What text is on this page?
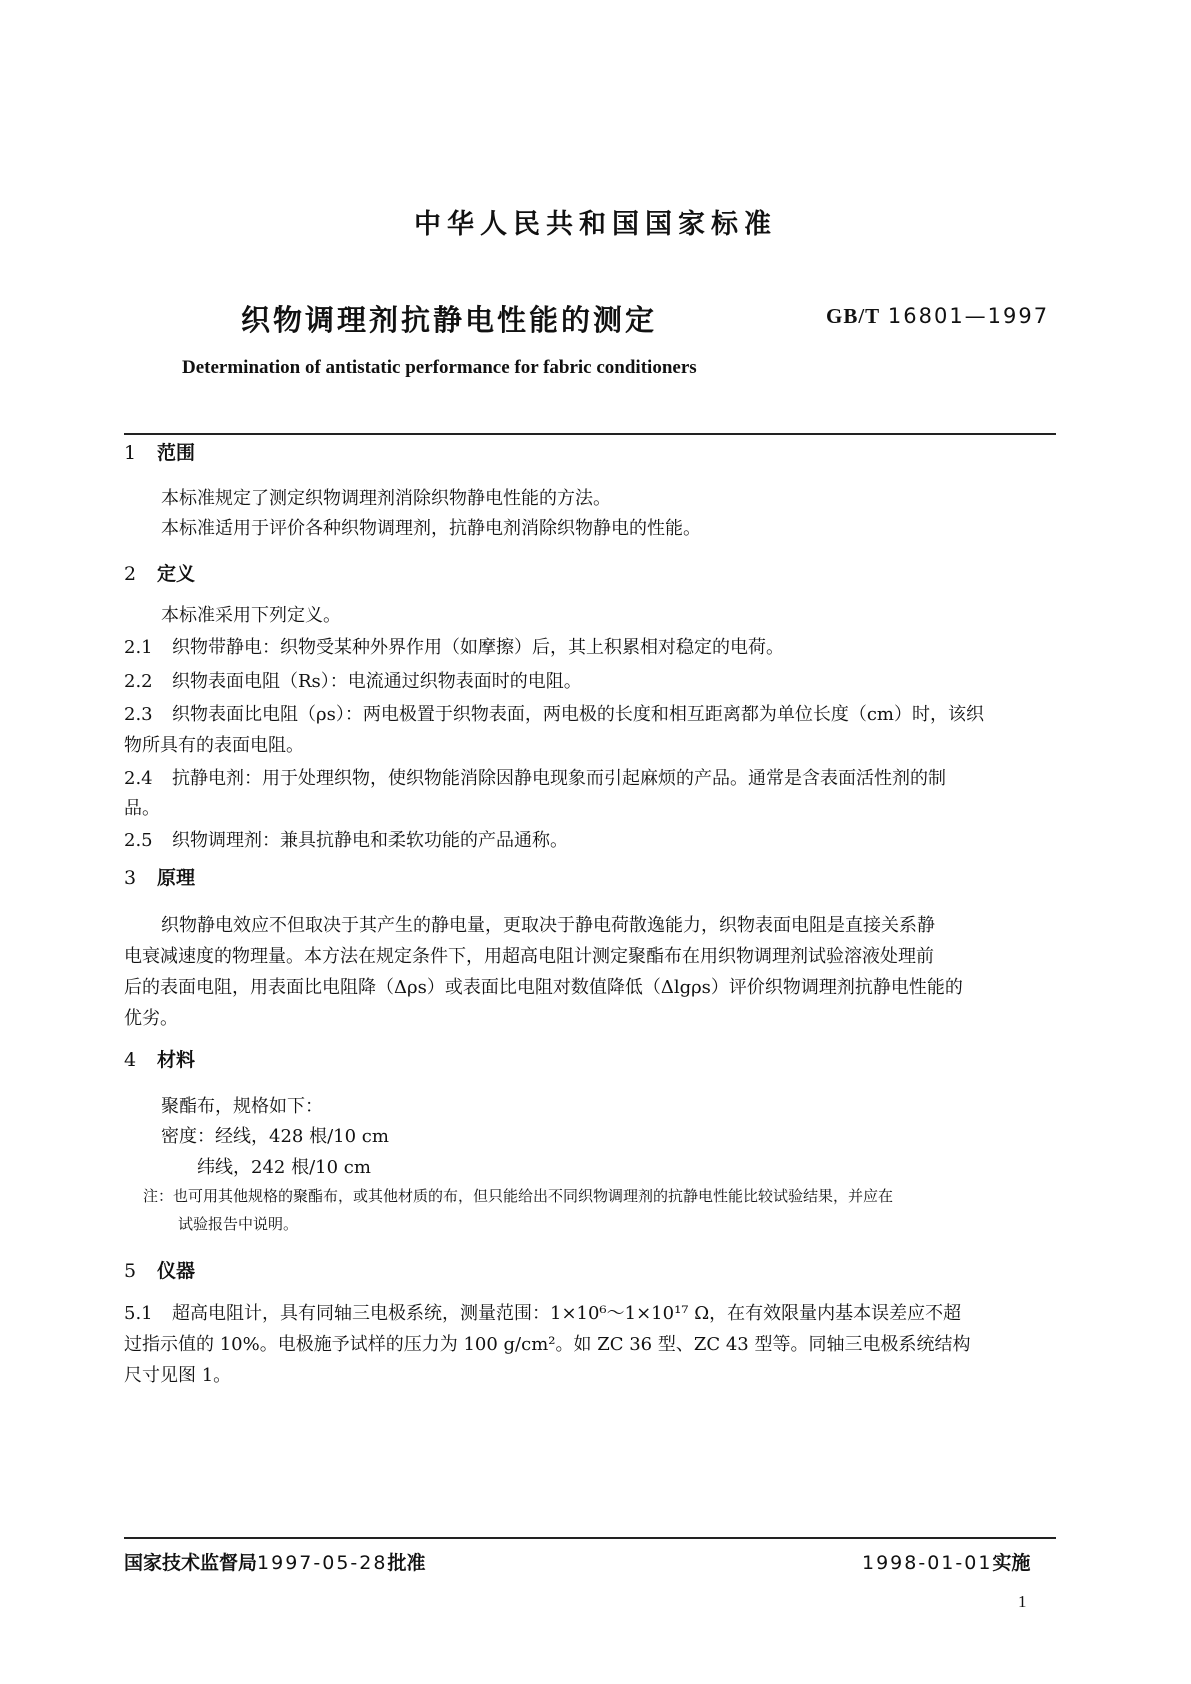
中华人民共和国国家标准
织物调理剂抗静电性能的测定	GB/T 16801—1997
Determination of antistatic performance for fabric conditioners
1 范围
本标准规定了测定织物调理剂消除织物静电性能的方法。
本标准适用于评价各种织物调理剂，抗静电剂消除织物静电的性能。
2 定义
本标准采用下列定义。
2.1 织物带静电：织物受某种外界作用（如摩擦）后，其上积累相对稳定的电荷。
2.2 织物表面电阻（Rs）：电流通过织物表面时的电阻。
2.3 织物表面比电阻（ρs）：两电极置于织物表面，两电极的长度和相互距离都为单位长度（cm）时，该织
物所具有的表面电阻。
2.4 抗静电剂：用于处理织物，使织物能消除因静电现象而引起麻烦的产品。通常是含表面活性剂的制
品。
2.5 织物调理剂：兼具抗静电和柔软功能的产品通称。
3 原理
织物静电效应不但取决于其产生的静电量，更取决于静电荷散逸能力，织物表面电阻是直接关系静
电衰减速度的物理量。本方法在规定条件下，用超高电阻计测定聚酯布在用织物调理剂试验溶液处理前
后的表面电阻，用表面比电阻降（Δρs）或表面比电阻对数值降低（Δlgρs）评价织物调理剂抗静电性能的
优劣。
4 材料
聚酯布，规格如下：
密度：经线，428 根/10 cm
纬线，242 根/10 cm
注：也可用其他规格的聚酯布，或其他材质的布，但只能给出不同织物调理剂的抗静电性能比较试验结果，并应在
试验报告中说明。
5 仪器
5.1 超高电阻计，具有同轴三电极系统，测量范围：1×10⁶～1×10¹⁷ Ω，在有效限量内基本误差应不超
过指示值的 10%。电极施予试样的压力为 100 g/cm²。如 ZC 36 型、ZC 43 型等。同轴三电极系统结构
尺寸见图 1。
国家技术监督局1997-05-28批准	1998-01-01实施
1
